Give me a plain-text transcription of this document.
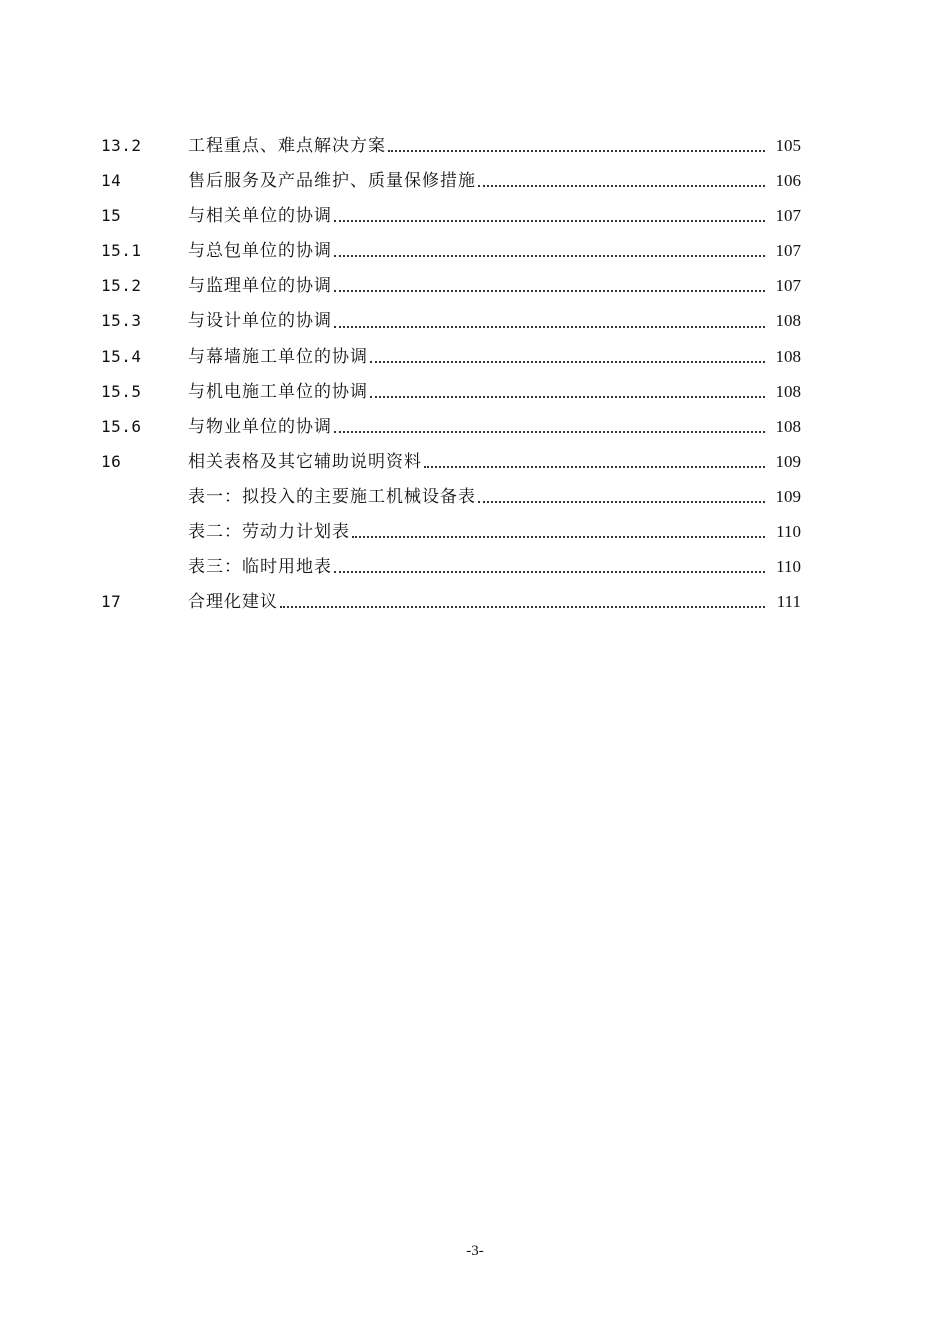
13.2	工程重点、难点解决方案	105
14	售后服务及产品维护、质量保修措施	106
15	与相关单位的协调	107
15.1	与总包单位的协调	107
15.2	与监理单位的协调	107
15.3	与设计单位的协调	108
15.4	与幕墙施工单位的协调	108
15.5	与机电施工单位的协调	108
15.6	与物业单位的协调	108
16	相关表格及其它辅助说明资料	109
表一：拟投入的主要施工机械设备表	109
表二：劳动力计划表	110
表三：临时用地表	110
17	合理化建议	111
-3-
